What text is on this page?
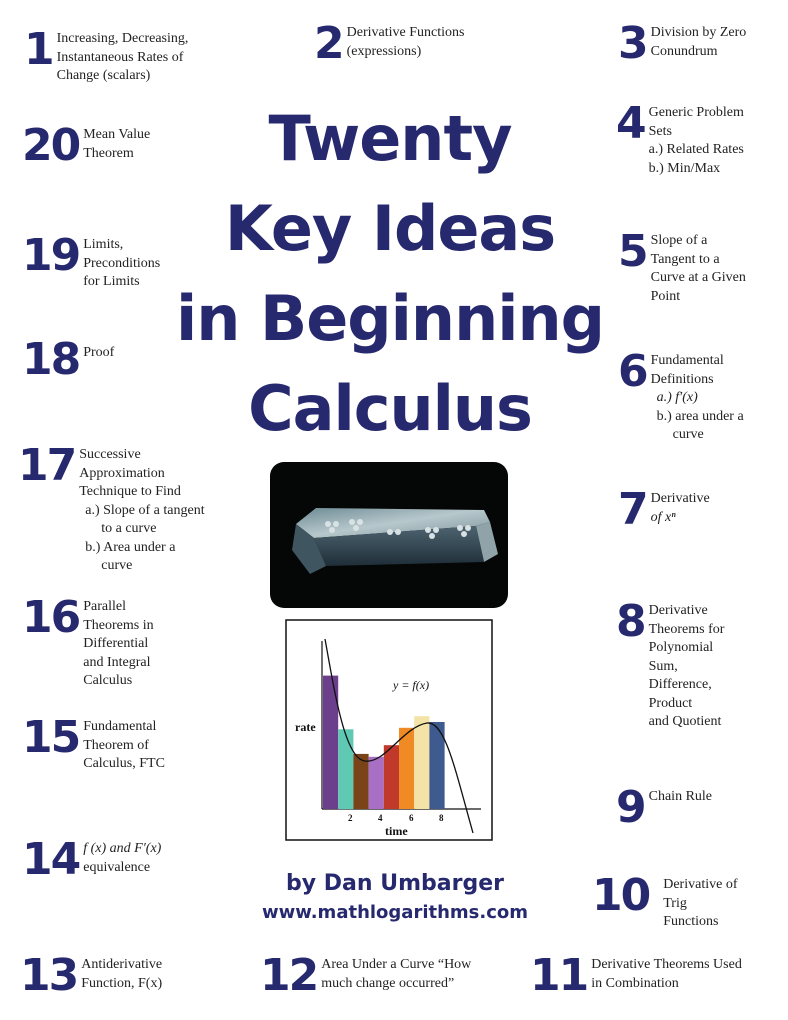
Twenty
Key Ideas
in Beginning
Calculus
1 Increasing, Decreasing,
Instantaneous Rates of
Change (scalars)
2 Derivative Functions
(expressions)	3 Division by Zero
Conundrum
20 Mean Value
Theorem
4 Generic Problem
Sets
a.) Related Rates
b.) Min/Max
19 Limits,
Preconditions
for Limits
5 Slope of a
Tangent to a
Curve at a Given
Point
18 Proof	6 Fundamental
Definitions
a.) f′(x)
b.) area under a
curve
17 Successive
Approximation
Technique to Find
a.) Slope of a tangent
to a curve
b.) Area under a
curve
7 Derivative
of xⁿ
16 Parallel
Theorems in
Differential
and Integral
Calculus
8 Derivative
Theorems for
Polynomial
Sum,
Difference,
Product
and Quotient
15 Fundamental
Theorem of
Calculus, FTC
9 Chain Rule
14 f (x) and F′(x)
equivalence
10 Derivative of
Trig
Functions
13 Antiderivative
Function, F(x) 12 Area Under a Curve “How
much change occurred”	11 Derivative Theorems Used
in Combination
y = f(x)
rate
time
2	4	6	8
by Dan Umbarger
www.mathlogarithms.com
